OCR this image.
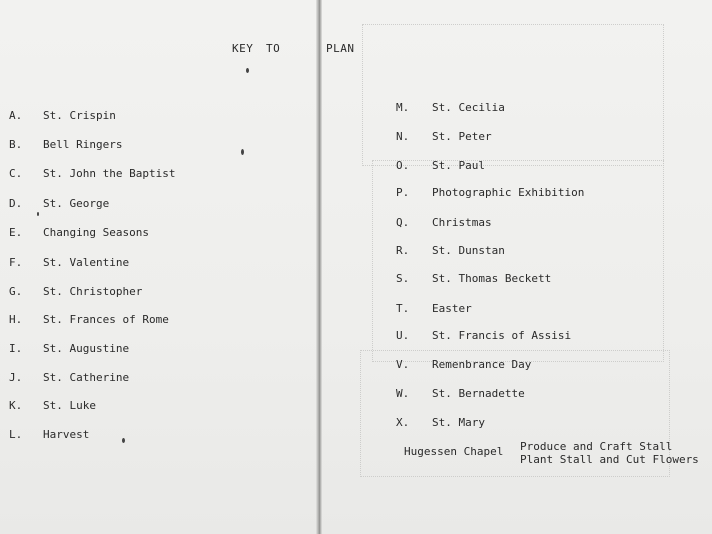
KEY TO	PLAN
A. St. Crispin
B. Bell Ringers
C. St. John the Baptist
D. St. George
E. Changing Seasons
F. St. Valentine
G. St. Christopher
H. St. Frances of Rome
I. St. Augustine
J. St. Catherine
K. St. Luke
L. Harvest
M. St. Cecilia
N. St. Peter
O. St. Paul
P. Photographic Exhibition
Q. Christmas
R. St. Dunstan
S. St. Thomas Beckett
T. Easter
U. St. Francis of Assisi
V. Remenbrance Day
W. St. Bernadette
X. St. Mary
Hugessen Chapel Produce and Craft Stall
Plant Stall and Cut Flowers
